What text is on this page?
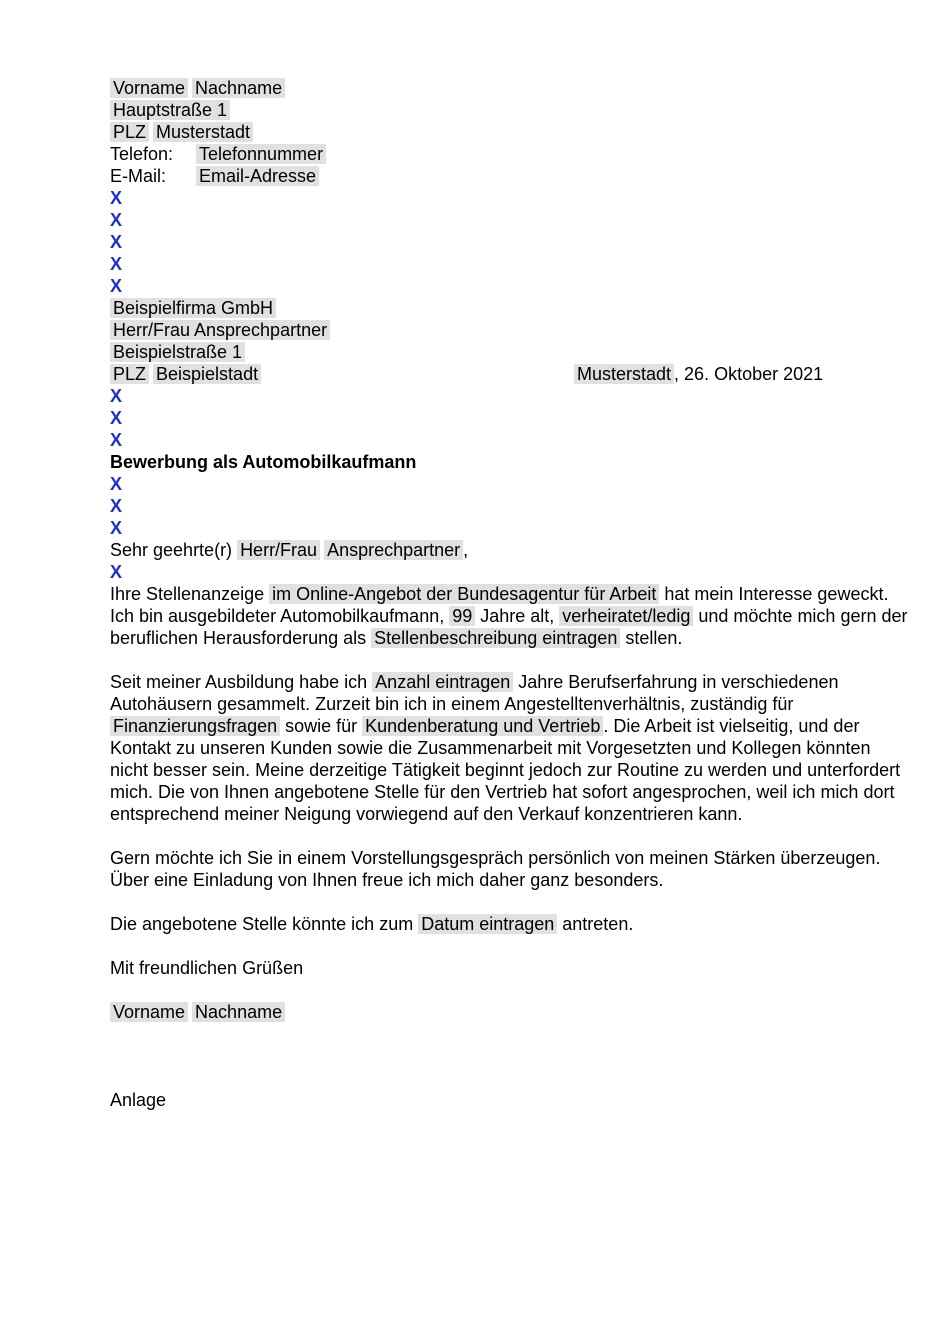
Vorname Nachname
Hauptstraße 1
PLZ Musterstadt
Telefon: Telefonnummer
E-Mail: Email-Adresse
X
X
X
X
X
Beispielfirma GmbH
Herr/Frau Ansprechpartner
Beispielstraße 1
PLZ Beispielstadt	Musterstadt , 26. Oktober 2021
X
X
X
Bewerbung als Automobilkaufmann
X
X
X
Sehr geehrte(r) Herr/Frau Ansprechpartner ,
X

Ihre Stellenanzeige im Online-Angebot der Bundesagentur für Arbeit hat mein Interesse geweckt. Ich bin ausgebildeter Automobilkaufmann, 99 Jahre alt, verheiratet/ledig und möchte mich gern der beruflichen Herausforderung als Stellenbeschreibung eintragen stellen.

Seit meiner Ausbildung habe ich Anzahl eintragen Jahre Berufserfahrung in verschiedenen Autohäusern gesammelt. Zurzeit bin ich in einem Angestelltenverhältnis, zuständig für Finanzierungsfragen sowie für Kundenberatung und Vertrieb . Die Arbeit ist vielseitig, und der Kontakt zu unseren Kunden sowie die Zusammenarbeit mit Vorgesetzten und Kollegen könnten nicht besser sein. Meine derzeitige Tätigkeit beginnt jedoch zur Routine zu werden und unterfordert mich. Die von Ihnen angebotene Stelle für den Vertrieb hat sofort angesprochen, weil ich mich dort entsprechend meiner Neigung vorwiegend auf den Verkauf konzentrieren kann.

Gern möchte ich Sie in einem Vorstellungsgespräch persönlich von meinen Stärken überzeugen. Über eine Einladung von Ihnen freue ich mich daher ganz besonders.

Die angebotene Stelle könnte ich zum Datum eintragen antreten.

Mit freundlichen Grüßen
Vorname Nachname
Anlage
